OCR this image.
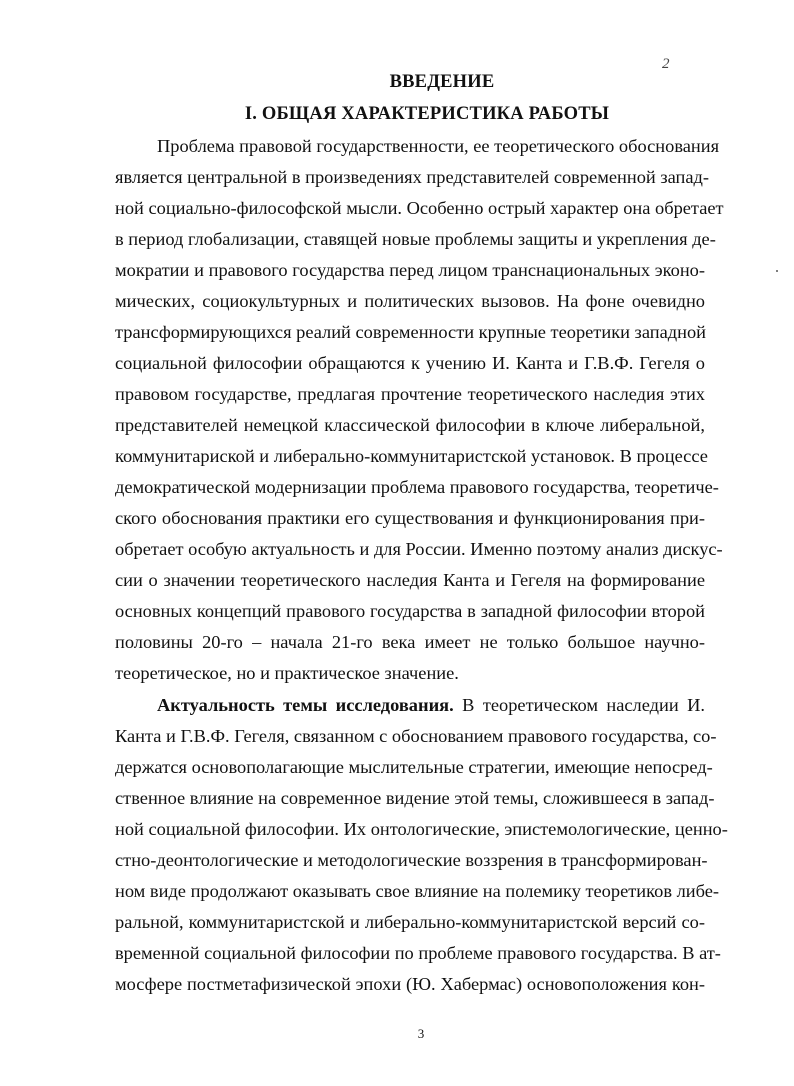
2
ВВЕДЕНИЕ
I. ОБЩАЯ ХАРАКТЕРИСТИКА РАБОТЫ
Проблема правовой государственности, ее теоретического обоснования
является центральной в произведениях представителей современной запад-
ной социально-философской мысли. Особенно острый характер она обретает
в период глобализации, ставящей новые проблемы защиты и укрепления де-
мократии и правового государства перед лицом транснациональных эконо-
мических, социокультурных и политических вызовов. На фоне очевидно
трансформирующихся реалий современности крупные теоретики западной
социальной философии обращаются к учению И. Канта и Г.В.Ф. Гегеля о
правовом государстве, предлагая прочтение теоретического наследия этих
представителей немецкой классической философии в ключе либеральной,
коммунитариской и либерально-коммунитаристской установок. В процессе
демократической модернизации проблема правового государства, теоретиче-
ского обоснования практики его существования и функционирования при-
обретает особую актуальность и для России. Именно поэтому анализ дискус-
сии о значении теоретического наследия Канта и Гегеля на формирование
основных концепций правового государства в западной философии второй
половины 20-го – начала 21-го века имеет не только большое научно-
теоретическое, но и практическое значение.
Актуальность темы исследования. В теоретическом наследии И.
Канта и Г.В.Ф. Гегеля, связанном с обоснованием правового государства, со-
держатся основополагающие мыслительные стратегии, имеющие непосред-
ственное влияние на современное видение этой темы, сложившееся в запад-
ной социальной философии. Их онтологические, эпистемологические, ценно-
стно-деонтологические и методологические воззрения в трансформирован-
ном виде продолжают оказывать свое влияние на полемику теоретиков либе-
ральной, коммунитаристской и либерально-коммунитаристской версий со-
временной социальной философии по проблеме правового государства. В ат-
мосфере постметафизической эпохи (Ю. Хабермас) основоположения кон-
3
